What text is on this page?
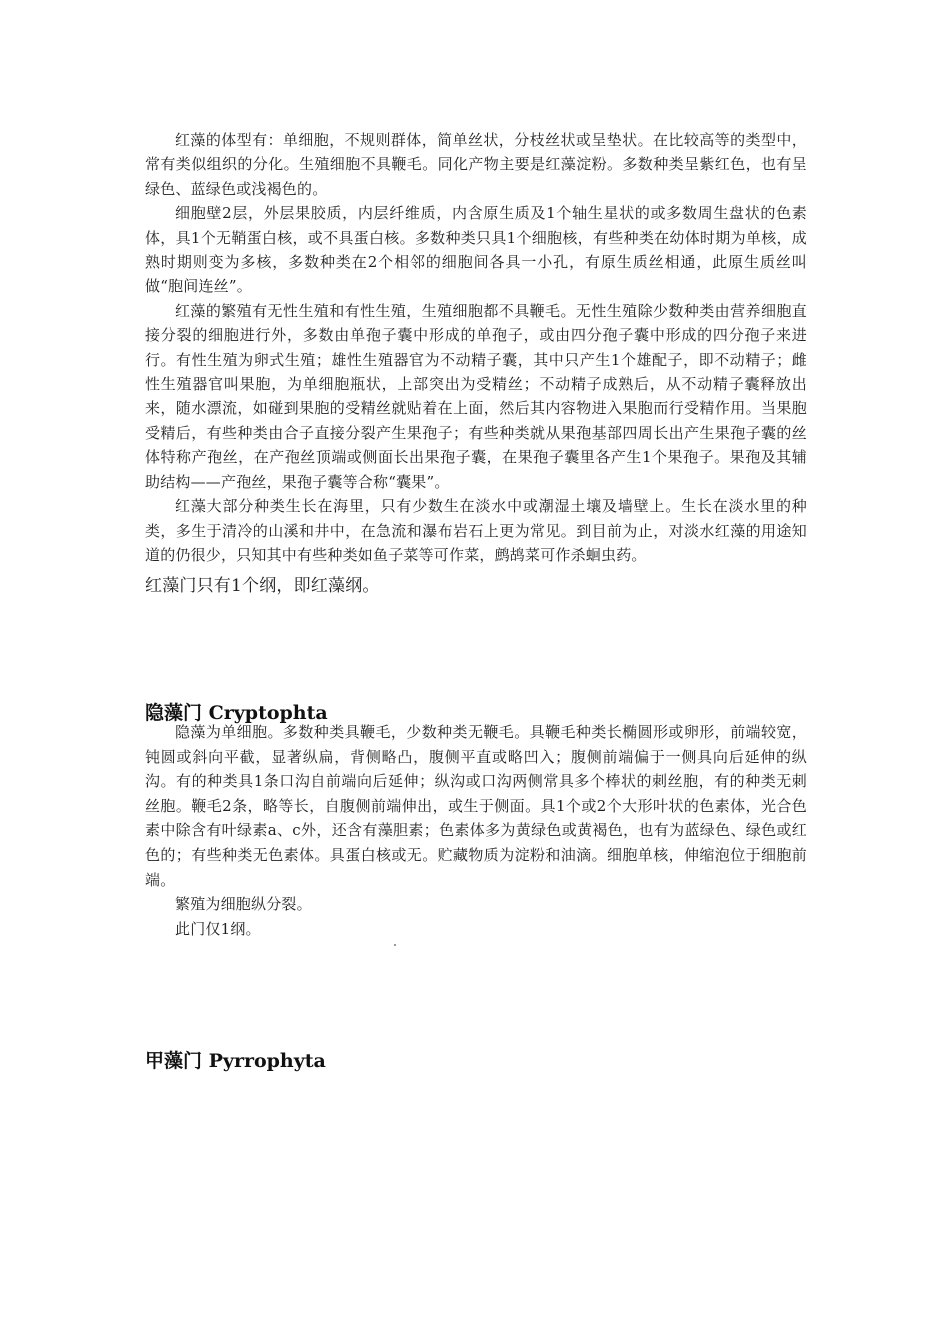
红藻的体型有：单细胞，不规则群体，简单丝状，分枝丝状或呈垫状。在比较高等的类型中，常有类似组织的分化。生殖细胞不具鞭毛。同化产物主要是红藻淀粉。多数种类呈紫红色，也有呈绿色、蓝绿色或浅褐色的。

细胞壁2层，外层果胶质，内层纤维质，内含原生质及1个轴生星状的或多数周生盘状的色素体，具1个无鞘蛋白核，或不具蛋白核。多数种类只具1个细胞核，有些种类在幼体时期为单核，成熟时期则变为多核，多数种类在2个相邻的细胞间各具一小孔，有原生质丝相通，此原生质丝叫做“胞间连丝”。

红藻的繁殖有无性生殖和有性生殖，生殖细胞都不具鞭毛。无性生殖除少数种类由营养细胞直接分裂的细胞进行外，多数由单孢子囊中形成的单孢子，或由四分孢子囊中形成的四分孢子来进行。有性生殖为卵式生殖；雄性生殖器官为不动精子囊，其中只产生1个雄配子，即不动精子；雌性生殖器官叫果胞，为单细胞瓶状，上部突出为受精丝；不动精子成熟后，从不动精子囊释放出来，随水漂流，如碰到果胞的受精丝就贴着在上面，然后其内容物进入果胞而行受精作用。当果胞受精后，有些种类由合子直接分裂产生果孢子；有些种类就从果孢基部四周长出产生果孢子囊的丝体特称产孢丝，在产孢丝顶端或侧面长出果孢子囊，在果孢子囊里各产生1个果孢子。果孢及其辅助结构——产孢丝，果孢子囊等合称“囊果”。

红藻大部分种类生长在海里，只有少数生在淡水中或潮湿土壤及墙壁上。生长在淡水里的种类，多生于清冷的山溪和井中，在急流和瀑布岩石上更为常见。到目前为止，对淡水红藻的用途知道的仍很少，只知其中有些种类如鱼子菜等可作菜，鹧鸪菜可作杀蛔虫药。

红藻门只有1个纲，即红藻纲。

隐藻门 Cryptophta

隐藻为单细胞。多数种类具鞭毛，少数种类无鞭毛。具鞭毛种类长椭圆形或卵形，前端较宽，钝圆或斜向平截，显著纵扁，背侧略凸，腹侧平直或略凹入；腹侧前端偏于一侧具向后延伸的纵沟。有的种类具1条口沟自前端向后延伸；纵沟或口沟两侧常具多个棒状的刺丝胞，有的种类无刺丝胞。鞭毛2条，略等长，自腹侧前端伸出，或生于侧面。具1个或2个大形叶状的色素体，光合色素中除含有叶绿素a、c外，还含有藻胆素；色素体多为黄绿色或黄褐色，也有为蓝绿色、绿色或红色的；有些种类无色素体。具蛋白核或无。贮藏物质为淀粉和油滴。细胞单核，伸缩泡位于细胞前端。

繁殖为细胞纵分裂。

此门仅1纲。

甲藻门 Pyrrophyta
